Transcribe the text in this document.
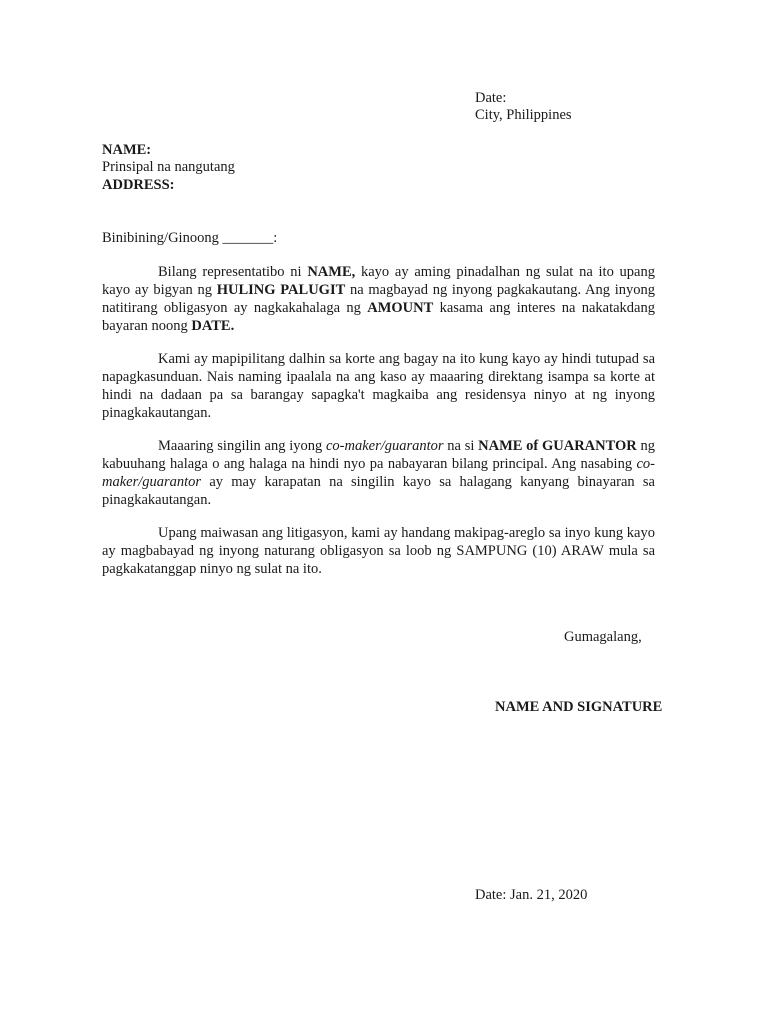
Date:
City, Philippines
NAME:
Prinsipal na nangutang
ADDRESS:
Binibining/Ginoong _______:
Bilang representatibo ni NAME, kayo ay aming pinadalhan ng sulat na ito upang kayo ay bigyan ng HULING PALUGIT na magbayad ng inyong pagkakautang. Ang inyong natitirang obligasyon ay nagkakahalaga ng AMOUNT kasama ang interes na nakatakdang bayaran noong DATE.
Kami ay mapipilitang dalhin sa korte ang bagay na ito kung kayo ay hindi tutupad sa napagkasunduan. Nais naming ipaalala na ang kaso ay maaaring direktang isampa sa korte at hindi na dadaan pa sa barangay sapagka't magkaiba ang residensya ninyo at ng inyong pinagkakautangan.
Maaaring singilin ang iyong co-maker/guarantor na si NAME of GUARANTOR ng kabuuhang halaga o ang halaga na hindi nyo pa nabayaran bilang principal. Ang nasabing co-maker/guarantor ay may karapatan na singilin kayo sa halagang kanyang binayaran sa pinagkakautangan.
Upang maiwasan ang litigasyon, kami ay handang makipag-areglo sa inyo kung kayo ay magbabayad ng inyong naturang obligasyon sa loob ng SAMPUNG (10) ARAW mula sa pagkakatanggap ninyo ng sulat na ito.
Gumagalang,
NAME AND SIGNATURE
Date: Jan. 21, 2020
